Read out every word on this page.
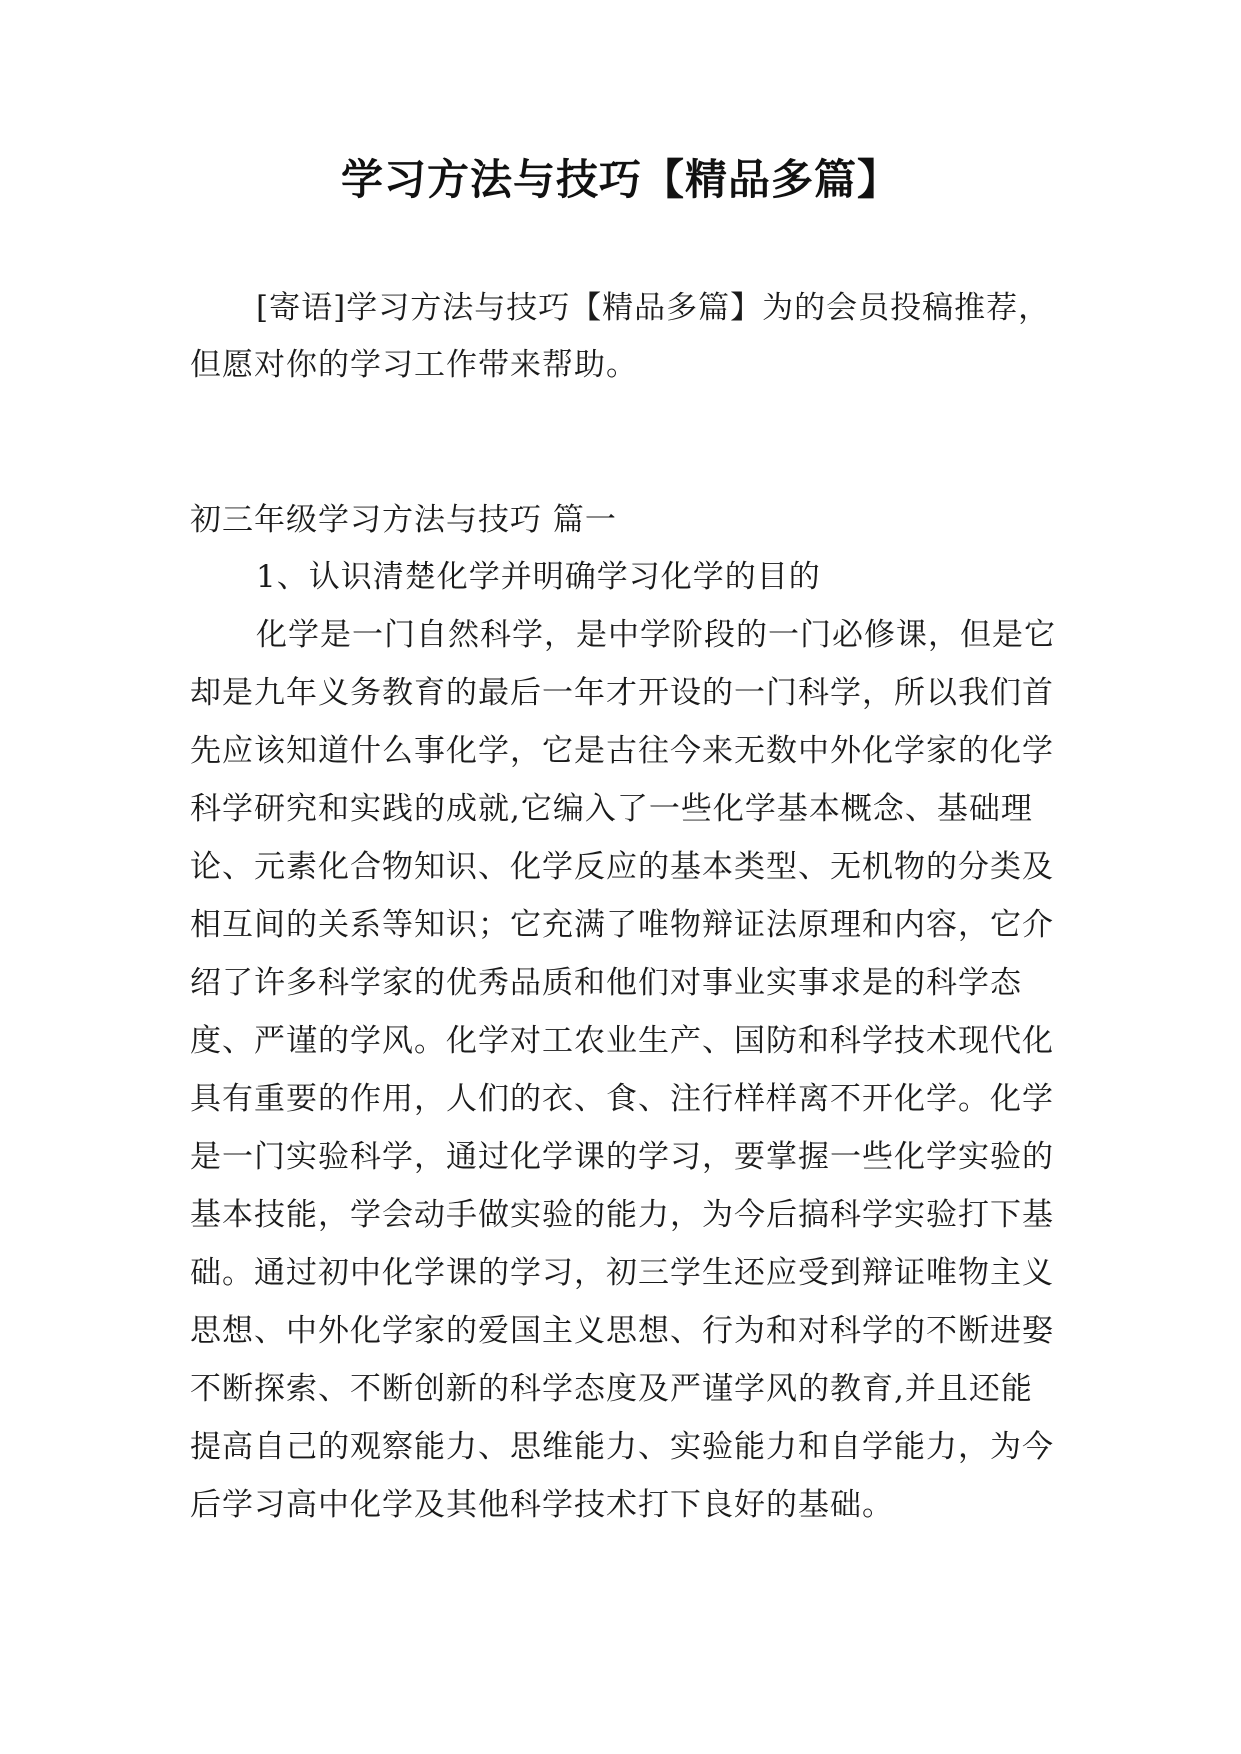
学习方法与技巧【精品多篇】

[寄语]学习方法与技巧【精品多篇】为的会员投稿推荐，但愿对你的学习工作带来帮助。

初三年级学习方法与技巧 篇一

1、认识清楚化学并明确学习化学的目的

化学是一门自然科学，是中学阶段的一门必修课，但是它却是九年义务教育的最后一年才开设的一门科学，所以我们首先应该知道什么事化学，它是古往今来无数中外化学家的化学科学研究和实践的成就,它编入了一些化学基本概念、基础理论、元素化合物知识、化学反应的基本类型、无机物的分类及相互间的关系等知识；它充满了唯物辩证法原理和内容，它介绍了许多科学家的优秀品质和他们对事业实事求是的科学态度、严谨的学风。化学对工农业生产、国防和科学技术现代化具有重要的作用，人们的衣、食、注行样样离不开化学。化学是一门实验科学，通过化学课的学习，要掌握一些化学实验的基本技能，学会动手做实验的能力，为今后搞科学实验打下基础。通过初中化学课的学习，初三学生还应受到辩证唯物主义思想、中外化学家的爱国主义思想、行为和对科学的不断进娶不断探索、不断创新的科学态度及严谨学风的教育,并且还能提高自己的观察能力、思维能力、实验能力和自学能力，为今后学习高中化学及其他科学技术打下良好的基础。
